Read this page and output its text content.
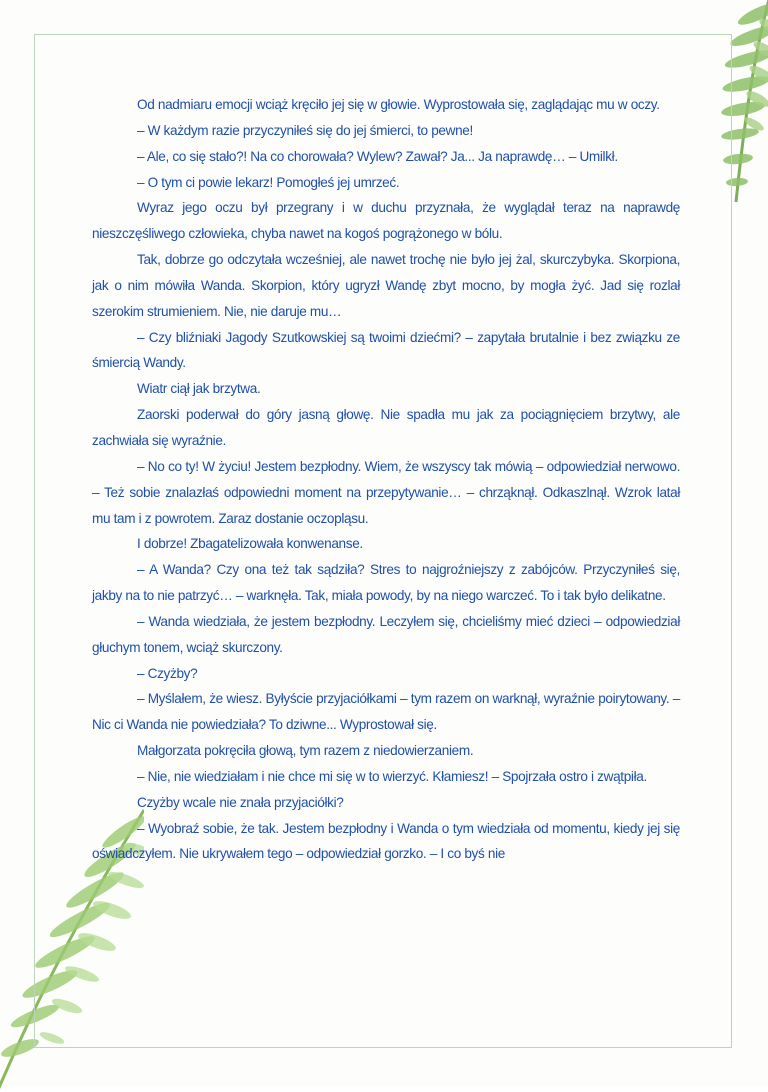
Od nadmiaru emocji wciąż kręciło jej się w głowie. Wyprostowała się, zaglądając mu w oczy.

– W każdym razie przyczyniłeś się do jej śmierci, to pewne!

– Ale, co się stało?! Na co chorowała? Wylew? Zawał? Ja... Ja naprawdę… – Umilkł.

– O tym ci powie lekarz! Pomogłeś jej umrzeć.

Wyraz jego oczu był przegrany i w duchu przyznała, że wyglądał teraz na naprawdę nieszczęśliwego człowieka, chyba nawet na kogoś pogrążonego w bólu.

Tak, dobrze go odczytała wcześniej, ale nawet trochę nie było jej żal, skurczybyka. Skorpiona, jak o nim mówiła Wanda. Skorpion, który ugryzł Wandę zbyt mocno, by mogła żyć. Jad się rozlał szerokim strumieniem. Nie, nie daruje mu…

– Czy bliźniaki Jagody Szutkowskiej są twoimi dziećmi? – zapytała brutalnie i bez związku ze śmiercią Wandy.

Wiatr ciął jak brzytwa.

Zaorski poderwał do góry jasną głowę. Nie spadła mu jak za pociągnięciem brzytwy, ale zachwiała się wyraźnie.

– No co ty! W życiu! Jestem bezpłodny. Wiem, że wszyscy tak mówią – odpowiedział nerwowo. – Też sobie znalazłaś odpowiedni moment na przepytywanie… – chrząknął. Odkaszlnął. Wzrok latał mu tam i z powrotem. Zaraz dostanie oczopląsu.

I dobrze! Zbagatelizowała konwenanse.

– A Wanda? Czy ona też tak sądziła? Stres to najgroźniejszy z zabójców. Przyczyniłeś się, jakby na to nie patrzyć… – warknęła. Tak, miała powody, by na niego warczeć. To i tak było delikatne.

– Wanda wiedziała, że jestem bezpłodny. Leczyłem się, chcieliśmy mieć dzieci – odpowiedział głuchym tonem, wciąż skurczony.

– Czyżby?

– Myślałem, że wiesz. Byłyście przyjaciółkami – tym razem on warknął, wyraźnie poirytowany. – Nic ci Wanda nie powiedziała? To dziwne... Wyprostował się.

Małgorzata pokręciła głową, tym razem z niedowierzaniem.

– Nie, nie wiedziałam i nie chce mi się w to wierzyć. Kłamiesz! – Spojrzała ostro i zwątpiła.

Czyżby wcale nie znała przyjaciółki?

– Wyobraź sobie, że tak. Jestem bezpłodny i Wanda o tym wiedziała od momentu, kiedy jej się oświadczyłem. Nie ukrywałem tego – odpowiedział gorzko. – I co byś nie
